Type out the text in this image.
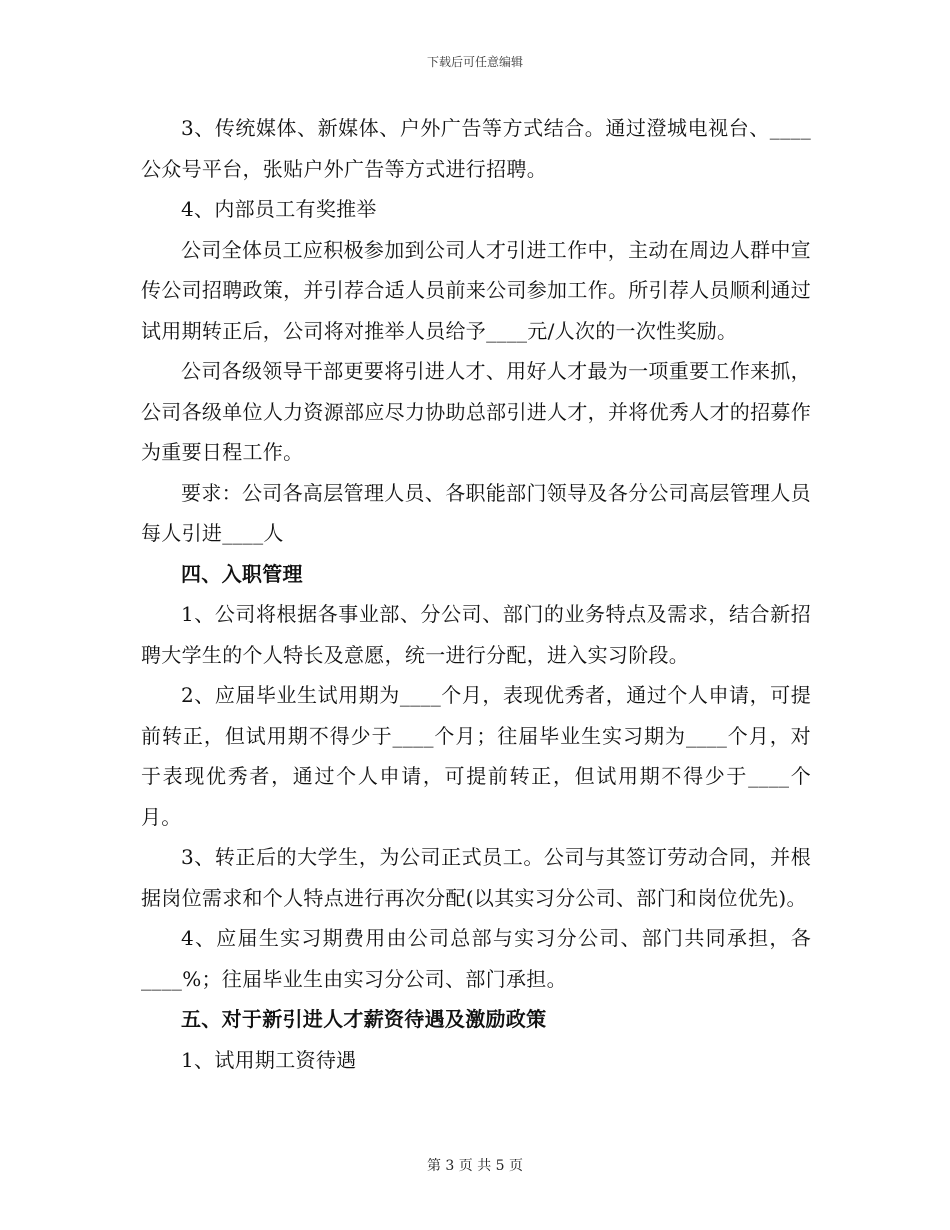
下载后可任意编辑

3、传统媒体、新媒体、户外广告等方式结合。通过澄城电视台、____公众号平台，张贴户外广告等方式进行招聘。

4、内部员工有奖推举

公司全体员工应积极参加到公司人才引进工作中，主动在周边人群中宣传公司招聘政策，并引荐合适人员前来公司参加工作。所引荐人员顺利通过试用期转正后，公司将对推举人员给予____元/人次的一次性奖励。

公司各级领导干部更要将引进人才、用好人才最为一项重要工作来抓，公司各级单位人力资源部应尽力协助总部引进人才，并将优秀人才的招募作为重要日程工作。

要求：公司各高层管理人员、各职能部门领导及各分公司高层管理人员每人引进____人

四、入职管理

1、公司将根据各事业部、分公司、部门的业务特点及需求，结合新招聘大学生的个人特长及意愿，统一进行分配，进入实习阶段。

2、应届毕业生试用期为____个月，表现优秀者，通过个人申请，可提前转正，但试用期不得少于____个月；往届毕业生实习期为____个月，对于表现优秀者，通过个人申请，可提前转正，但试用期不得少于____个月。

3、转正后的大学生，为公司正式员工。公司与其签订劳动合同，并根据岗位需求和个人特点进行再次分配(以其实习分公司、部门和岗位优先)。

4、应届生实习期费用由公司总部与实习分公司、部门共同承担，各____%；往届毕业生由实习分公司、部门承担。

五、对于新引进人才薪资待遇及激励政策

1、试用期工资待遇

第 3 页 共 5 页
